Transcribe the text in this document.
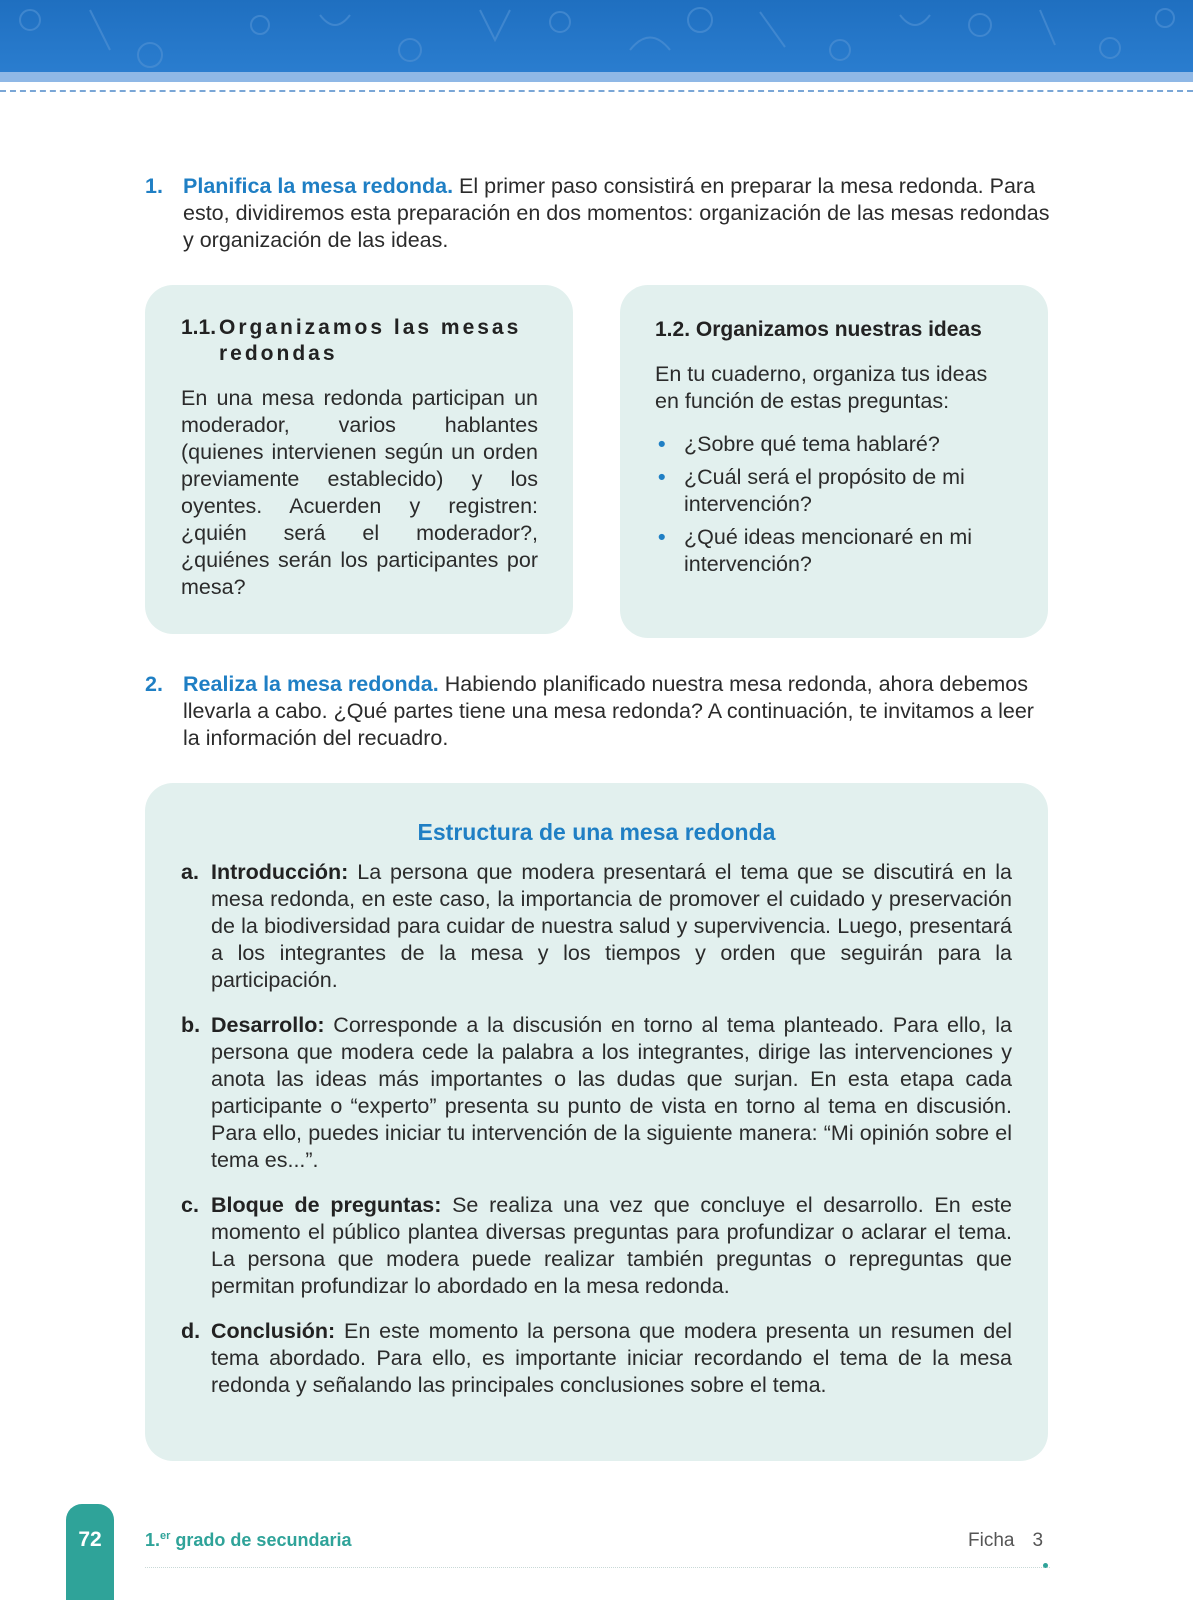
1. Planifica la mesa redonda. El primer paso consistirá en preparar la mesa redonda. Para esto, dividiremos esta preparación en dos momentos: organización de las mesas redondas y organización de las ideas.
1.1. Organizamos las mesas redondas

En una mesa redonda participan un moderador, varios hablantes (quienes intervienen según un orden previamente establecido) y los oyentes. Acuerden y registren: ¿quién será el moderador?, ¿quiénes serán los participantes por mesa?

1.2. Organizamos nuestras ideas

En tu cuaderno, organiza tus ideas en función de estas preguntas:

• ¿Sobre qué tema hablaré?
• ¿Cuál será el propósito de mi intervención?
• ¿Qué ideas mencionaré en mi intervención?
2. Realiza la mesa redonda. Habiendo planificado nuestra mesa redonda, ahora debemos llevarla a cabo. ¿Qué partes tiene una mesa redonda? A continuación, te invitamos a leer la información del recuadro.
Estructura de una mesa redonda
a. Introducción: La persona que modera presentará el tema que se discutirá en la mesa redonda, en este caso, la importancia de promover el cuidado y preservación de la biodiversidad para cuidar de nuestra salud y supervivencia. Luego, presentará a los integrantes de la mesa y los tiempos y orden que seguirán para la participación.
b. Desarrollo: Corresponde a la discusión en torno al tema planteado. Para ello, la persona que modera cede la palabra a los integrantes, dirige las intervenciones y anota las ideas más importantes o las dudas que surjan. En esta etapa cada participante o “experto” presenta su punto de vista en torno al tema en discusión. Para ello, puedes iniciar tu intervención de la siguiente manera: “Mi opinión sobre el tema es...”.
c. Bloque de preguntas: Se realiza una vez que concluye el desarrollo. En este momento el público plantea diversas preguntas para profundizar o aclarar el tema. La persona que modera puede realizar también preguntas o repreguntas que permitan profundizar lo abordado en la mesa redonda.
d. Conclusión: En este momento la persona que modera presenta un resumen del tema abordado. Para ello, es importante iniciar recordando el tema de la mesa redonda y señalando las principales conclusiones sobre el tema.
72	1.$^{er}$ grado de secundaria	Ficha 3
